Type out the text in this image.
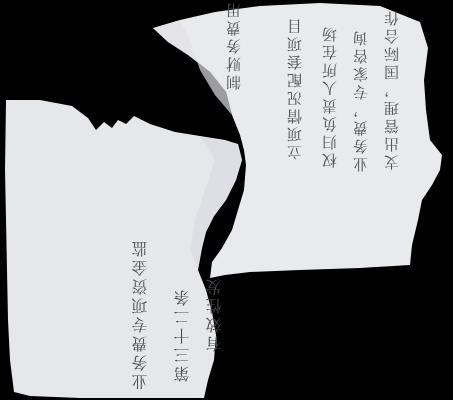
支出管理，国际合作
业务费，专家咨询
权归负责人所在场
立项情况配套项目
制财务费用
有效性发
第三十二条
业务费专项资金监
